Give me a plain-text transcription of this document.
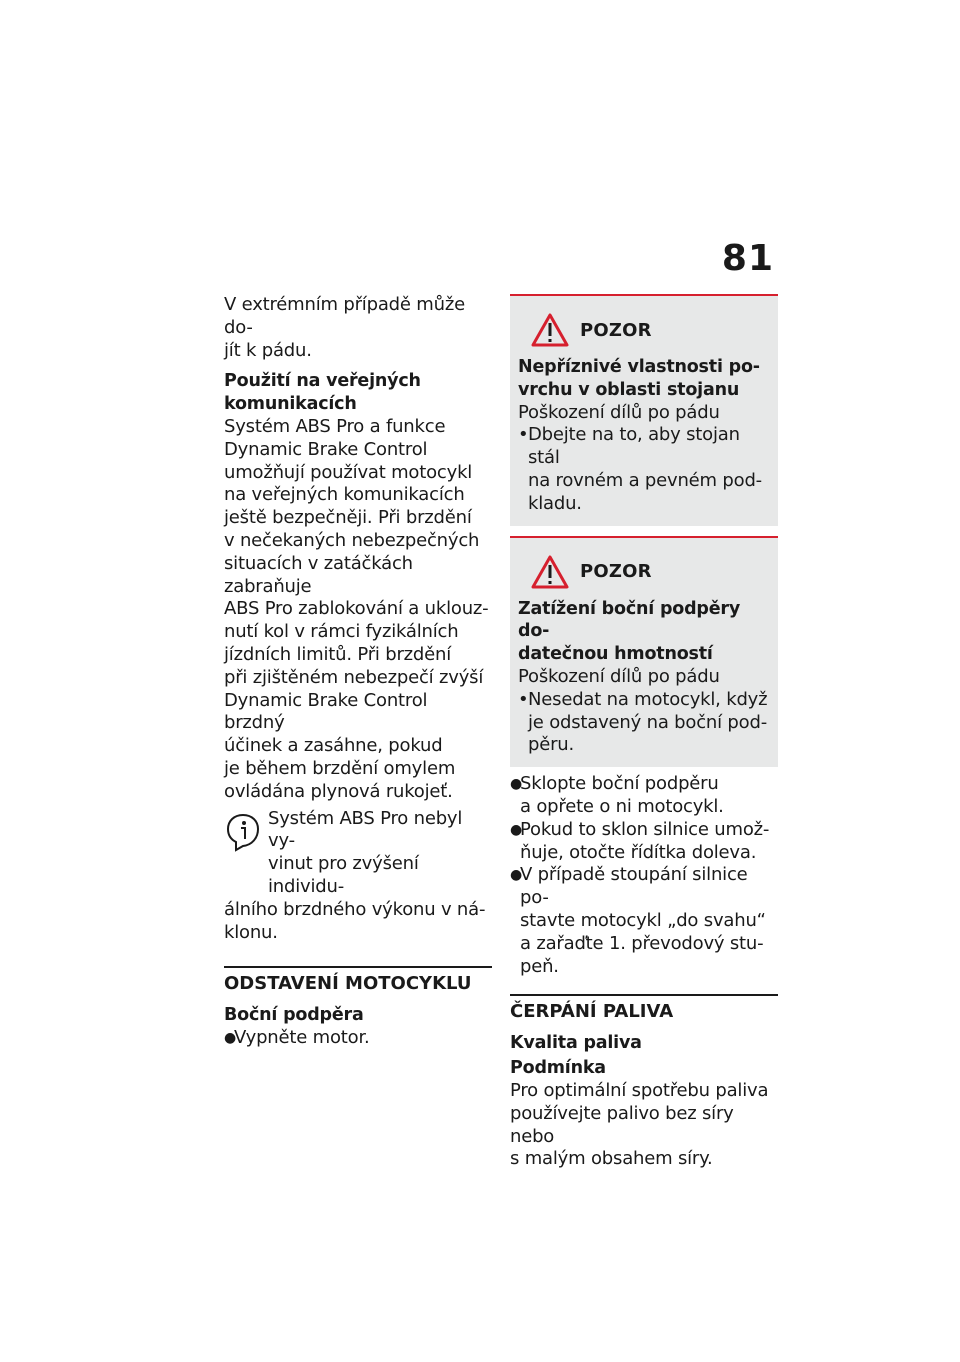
81
V extrémním případě může do-
jít k pádu.
Použití na veřejných
komunikacích
Systém ABS Pro a funkce
Dynamic Brake Control
umožňují používat motocykl
na veřejných komunikacích
ještě bezpečněji. Při brzdění
v nečekaných nebezpečných
situacích v zatáčkách zabraňuje
ABS Pro zablokování a uklouz-
nutí kol v rámci fyzikálních
jízdních limitů. Při brzdění
při zjištěném nebezpečí zvýší
Dynamic Brake Control brzdný
účinek a zasáhne, pokud
je během brzdění omylem
ovládána plynová rukojeť.
Systém ABS Pro nebyl vy-
vinut pro zvýšení individu-
álního brzdného výkonu v ná-
klonu.
ODSTAVENÍ MOTOCYKLU
Boční podpěra
●
Vypněte motor.
POZOR
Nepříznivé vlastnosti po-
vrchu v oblasti stojanu
Poškození dílů po pádu
• Dbejte na to, aby stojan stál
na rovném a pevném pod-
kladu.
POZOR
Zatížení boční podpěry do-
datečnou hmotností
Poškození dílů po pádu
• Nesedat na motocykl, když
je odstavený na boční pod-
pěru.
●
Sklopte boční podpěru
a opřete o ni motocykl.
●
Pokud to sklon silnice umož-
ňuje, otočte řídítka doleva.
●
V případě stoupání silnice po-
stavte motocykl „do svahu“
a zařaďte 1. převodový stu-
peň.
ČERPÁNÍ PALIVA
Kvalita paliva
Podmínka
Pro optimální spotřebu paliva
používejte palivo bez síry nebo
s malým obsahem síry.
